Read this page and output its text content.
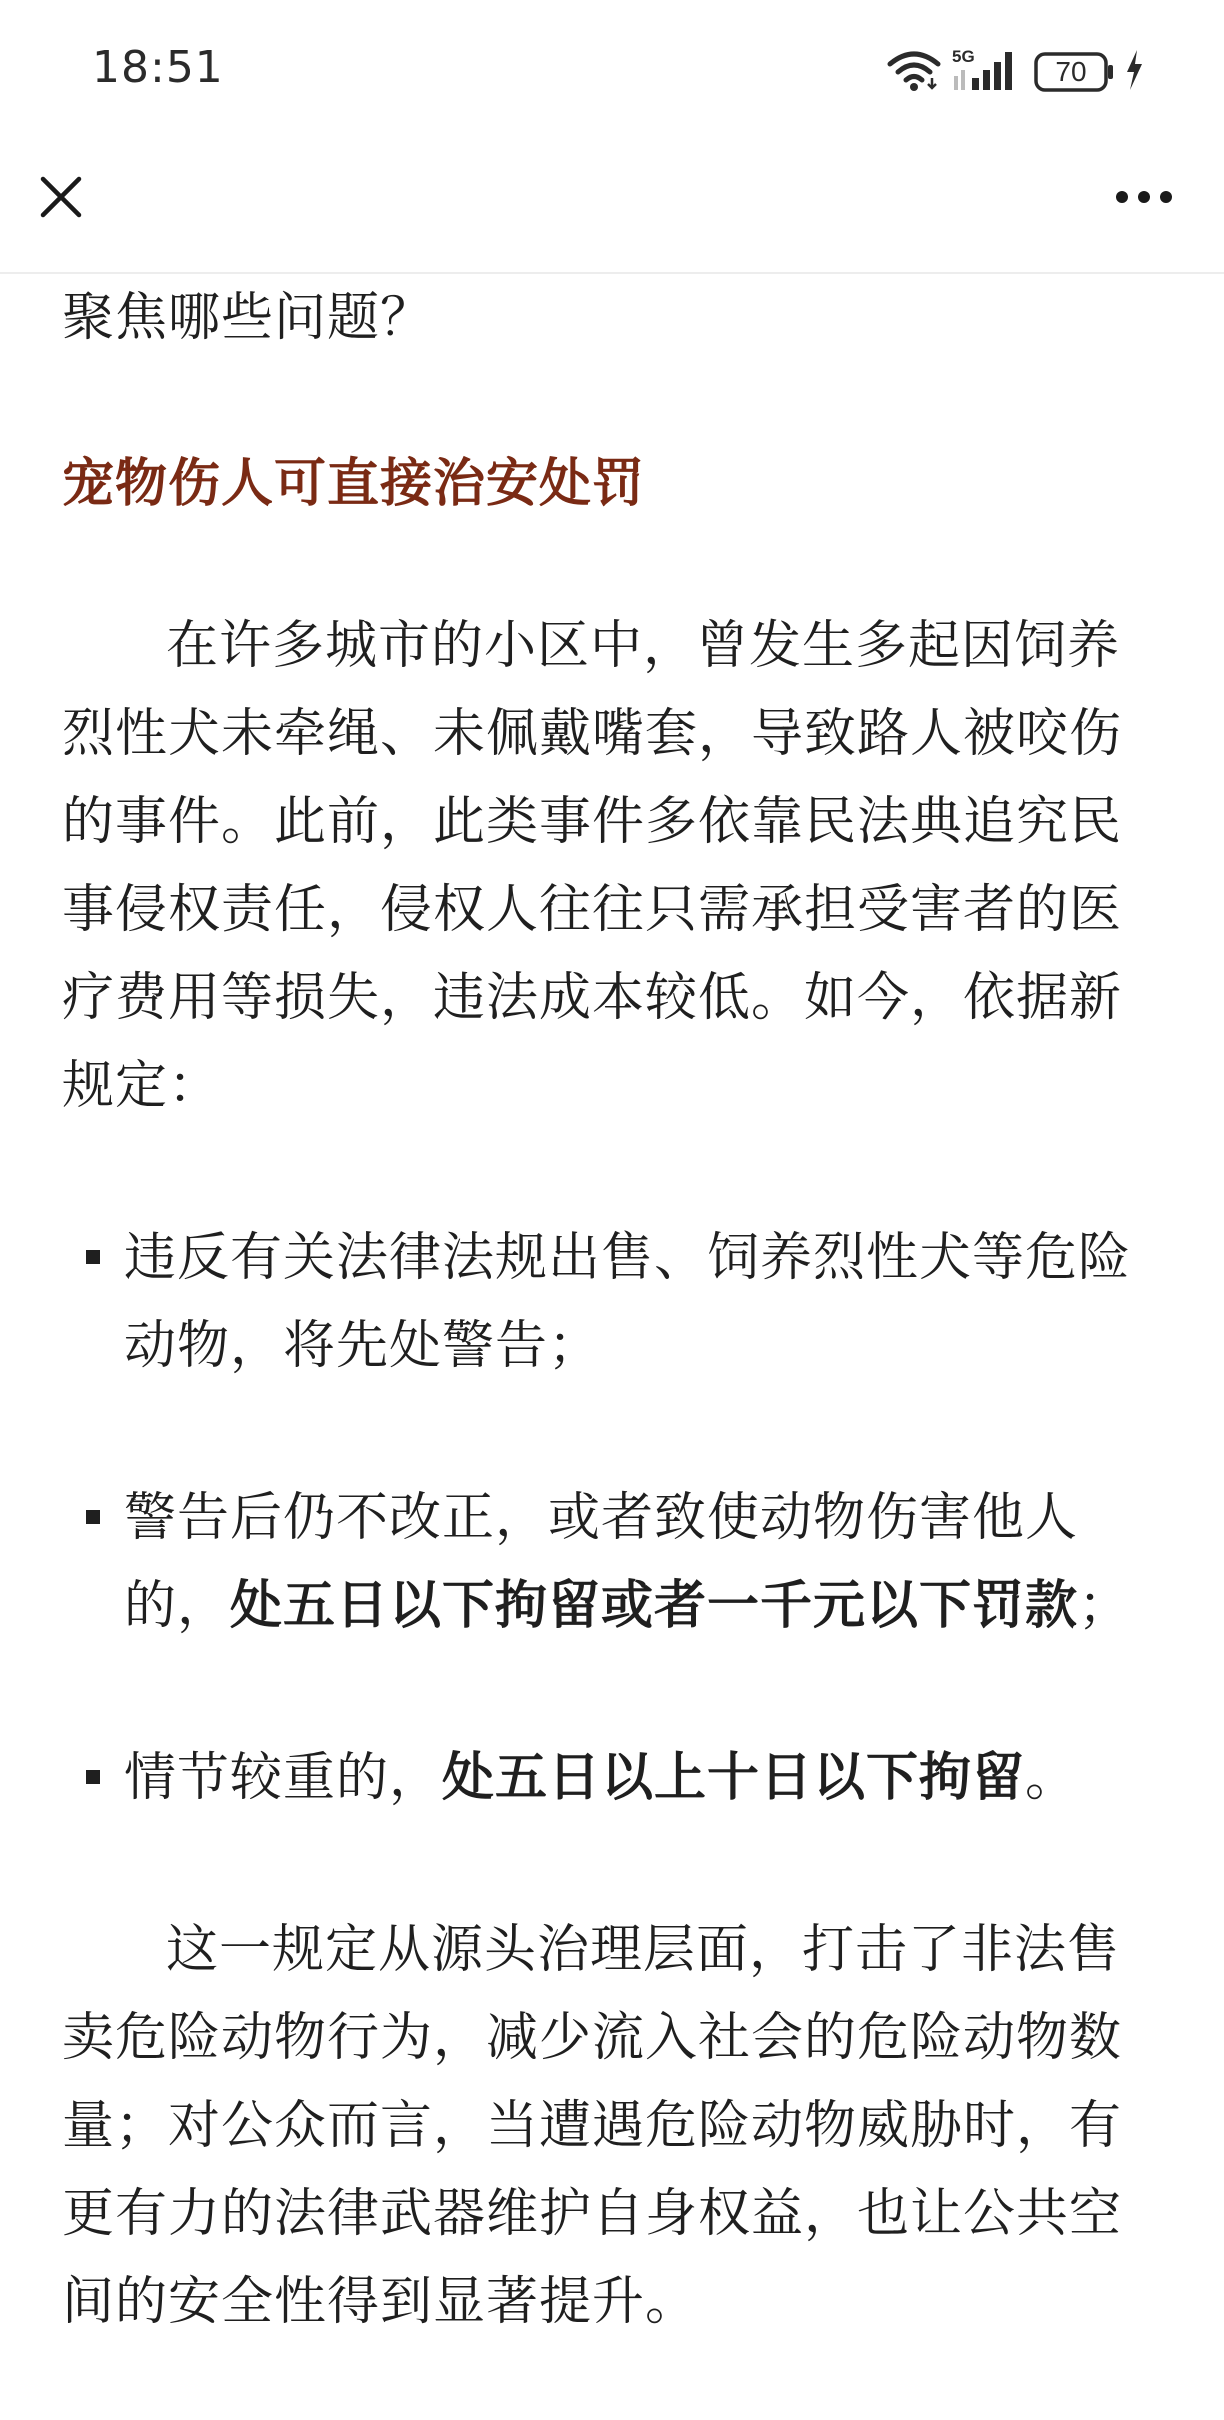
18:51	5G	70

聚焦哪些问题？

宠物伤人可直接治安处罚

在许多城市的小区中，曾发生多起因饲养烈性犬未牵绳、未佩戴嘴套，导致路人被咬伤的事件。此前，此类事件多依靠民法典追究民事侵权责任，侵权人往往只需承担受害者的医疗费用等损失，违法成本较低。如今，依据新规定：

违反有关法律法规出售、饲养烈性犬等危险动物，将先处警告；
警告后仍不改正，或者致使动物伤害他人的，处五日以下拘留或者一千元以下罚款；
情节较重的，处五日以上十日以下拘留。

这一规定从源头治理层面，打击了非法售卖危险动物行为，减少流入社会的危险动物数量；对公众而言，当遭遇危险动物威胁时，有更有力的法律武器维护自身权益，也让公共空间的安全性得到显著提升。
